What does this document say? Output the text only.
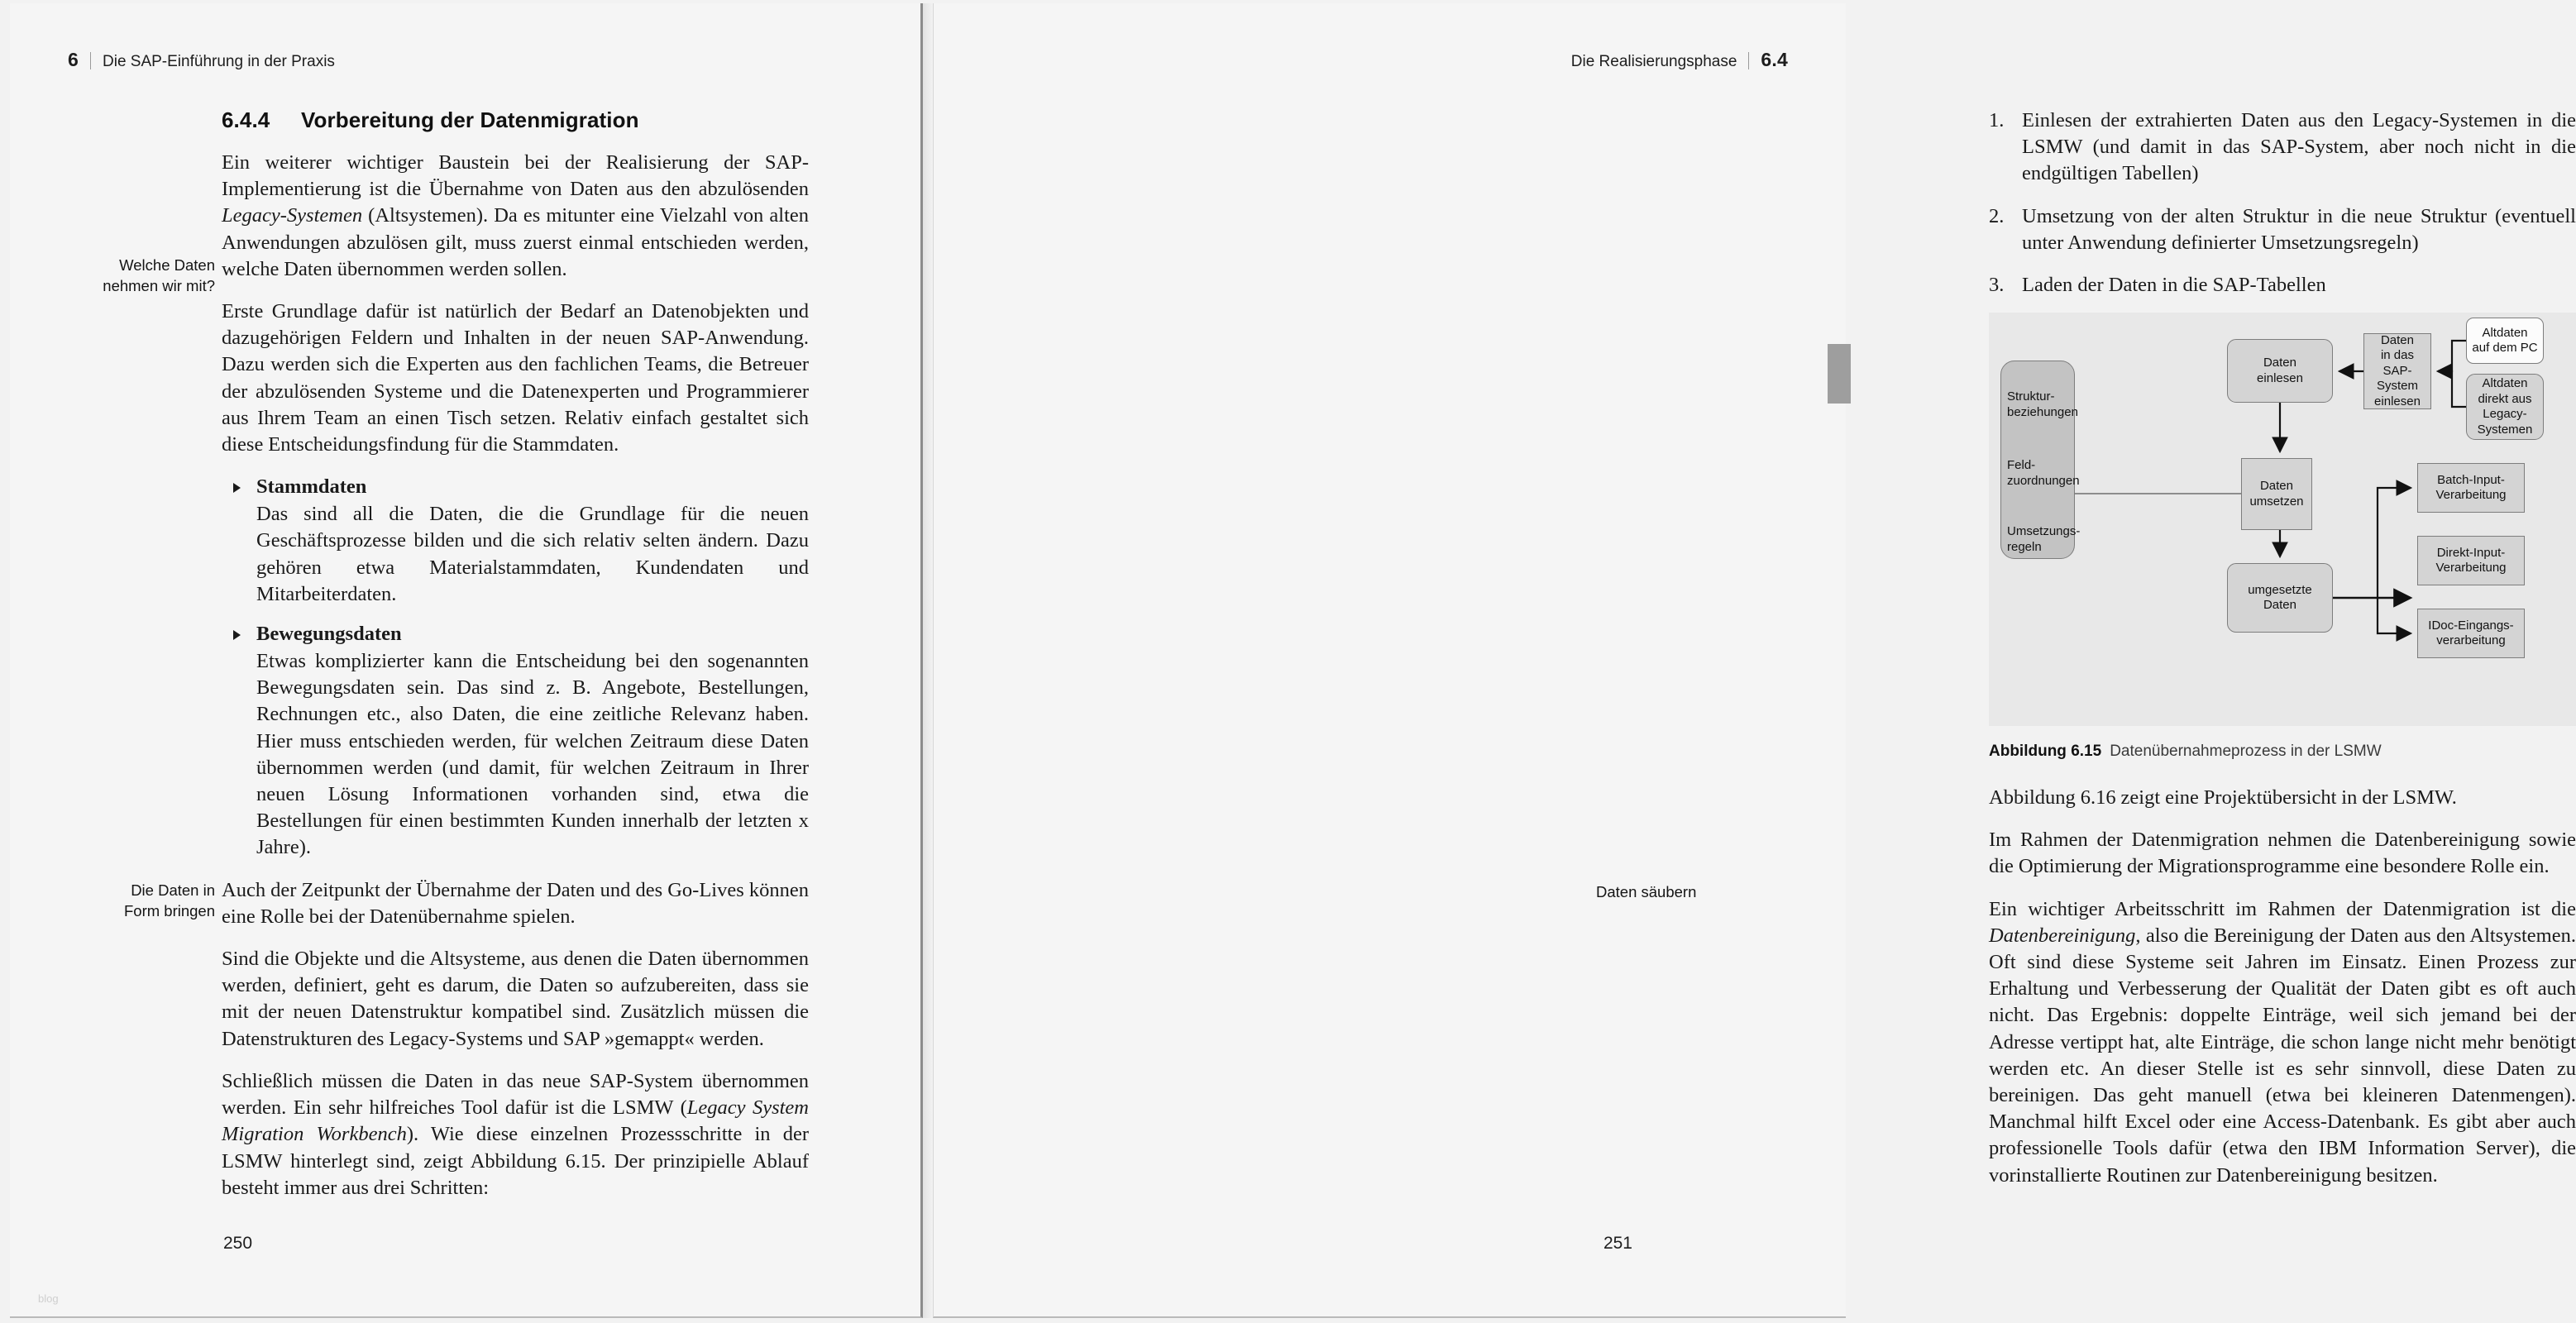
6 Die SAP-Einführung in der Praxis
Welche Daten
nehmen wir mit?
Die Daten in
Form bringen
6.4.4 Vorbereitung der Datenmigration

Ein weiterer wichtiger Baustein bei der Realisierung der SAP-Implementierung ist die Übernahme von Daten aus den abzulösenden Legacy-Systemen (Altsystemen). Da es mitunter eine Vielzahl von alten Anwendungen abzulösen gilt, muss zuerst einmal entschieden werden, welche Daten übernommen werden sollen.

Erste Grundlage dafür ist natürlich der Bedarf an Datenobjekten und dazugehörigen Feldern und Inhalten in der neuen SAP-Anwendung. Dazu werden sich die Experten aus den fachlichen Teams, die Betreuer der abzulösenden Systeme und die Datenexperten und Programmierer aus Ihrem Team an einen Tisch setzen. Relativ einfach gestaltet sich diese Entscheidungsfindung für die Stammdaten.

Stammdaten
Das sind all die Daten, die die Grundlage für die neuen Geschäftsprozesse bilden und die sich relativ selten ändern. Dazu gehören etwa Materialstammdaten, Kundendaten und Mitarbeiterdaten.
Bewegungsdaten
Etwas komplizierter kann die Entscheidung bei den sogenannten Bewegungsdaten sein. Das sind z. B. Angebote, Bestellungen, Rechnungen etc., also Daten, die eine zeitliche Relevanz haben. Hier muss entschieden werden, für welchen Zeitraum diese Daten übernommen werden (und damit, für welchen Zeitraum in Ihrer neuen Lösung Informationen vorhanden sind, etwa die Bestellungen für einen bestimmten Kunden innerhalb der letzten x Jahre).

Auch der Zeitpunkt der Übernahme der Daten und des Go-Lives können eine Rolle bei der Datenübernahme spielen.

Sind die Objekte und die Altsysteme, aus denen die Daten übernommen werden, definiert, geht es darum, die Daten so aufzubereiten, dass sie mit der neuen Datenstruktur kompatibel sind. Zusätzlich müssen die Datenstrukturen des Legacy-Systems und SAP »gemappt« werden.

Schließlich müssen die Daten in das neue SAP-System übernommen werden. Ein sehr hilfreiches Tool dafür ist die LSMW (Legacy System Migration Workbench). Wie diese einzelnen Prozessschritte in der LSMW hinterlegt sind, zeigt Abbildung 6.15. Der prinzipielle Ablauf besteht immer aus drei Schritten:

250
blog
Die Realisierungsphase 6.4
Daten säubern
1. Einlesen der extrahierten Daten aus den Legacy-Systemen in die LSMW (und damit in das SAP-System, aber noch nicht in die endgültigen Tabellen)
2. Umsetzung von der alten Struktur in die neue Struktur (eventuell unter Anwendung definierter Umsetzungsregeln)
3. Laden der Daten in die SAP-Tabellen
Struktur-
beziehungen
Feld-
zuordnungen
Umsetzungs-
regeln
Daten
einlesen
Daten
in das
SAP-
System
einlesen
Altdaten
auf dem PC
Altdaten
direkt aus
Legacy-
Systemen
Daten
umsetzen
umgesetzte
Daten
Batch-Input-
Verarbeitung
Direkt-Input-
Verarbeitung
IDoc-Eingangs-
verarbeitung
Abbildung 6.15 Datenübernahmeprozess in der LSMW

Abbildung 6.16 zeigt eine Projektübersicht in der LSMW.

Im Rahmen der Datenmigration nehmen die Datenbereinigung sowie die Optimierung der Migrationsprogramme eine besondere Rolle ein.

Ein wichtiger Arbeitsschritt im Rahmen der Datenmigration ist die Datenbereinigung, also die Bereinigung der Daten aus den Altsystemen. Oft sind diese Systeme seit Jahren im Einsatz. Einen Prozess zur Erhaltung und Verbesserung der Qualität der Daten gibt es oft auch nicht. Das Ergebnis: doppelte Einträge, weil sich jemand bei der Adresse vertippt hat, alte Einträge, die schon lange nicht mehr benötigt werden etc. An dieser Stelle ist es sehr sinnvoll, diese Daten zu bereinigen. Das geht manuell (etwa bei kleineren Datenmengen). Manchmal hilft Excel oder eine Access-Datenbank. Es gibt aber auch professionelle Tools dafür (etwa den IBM Information Server), die vorinstallierte Routinen zur Datenbereinigung besitzen.

251
